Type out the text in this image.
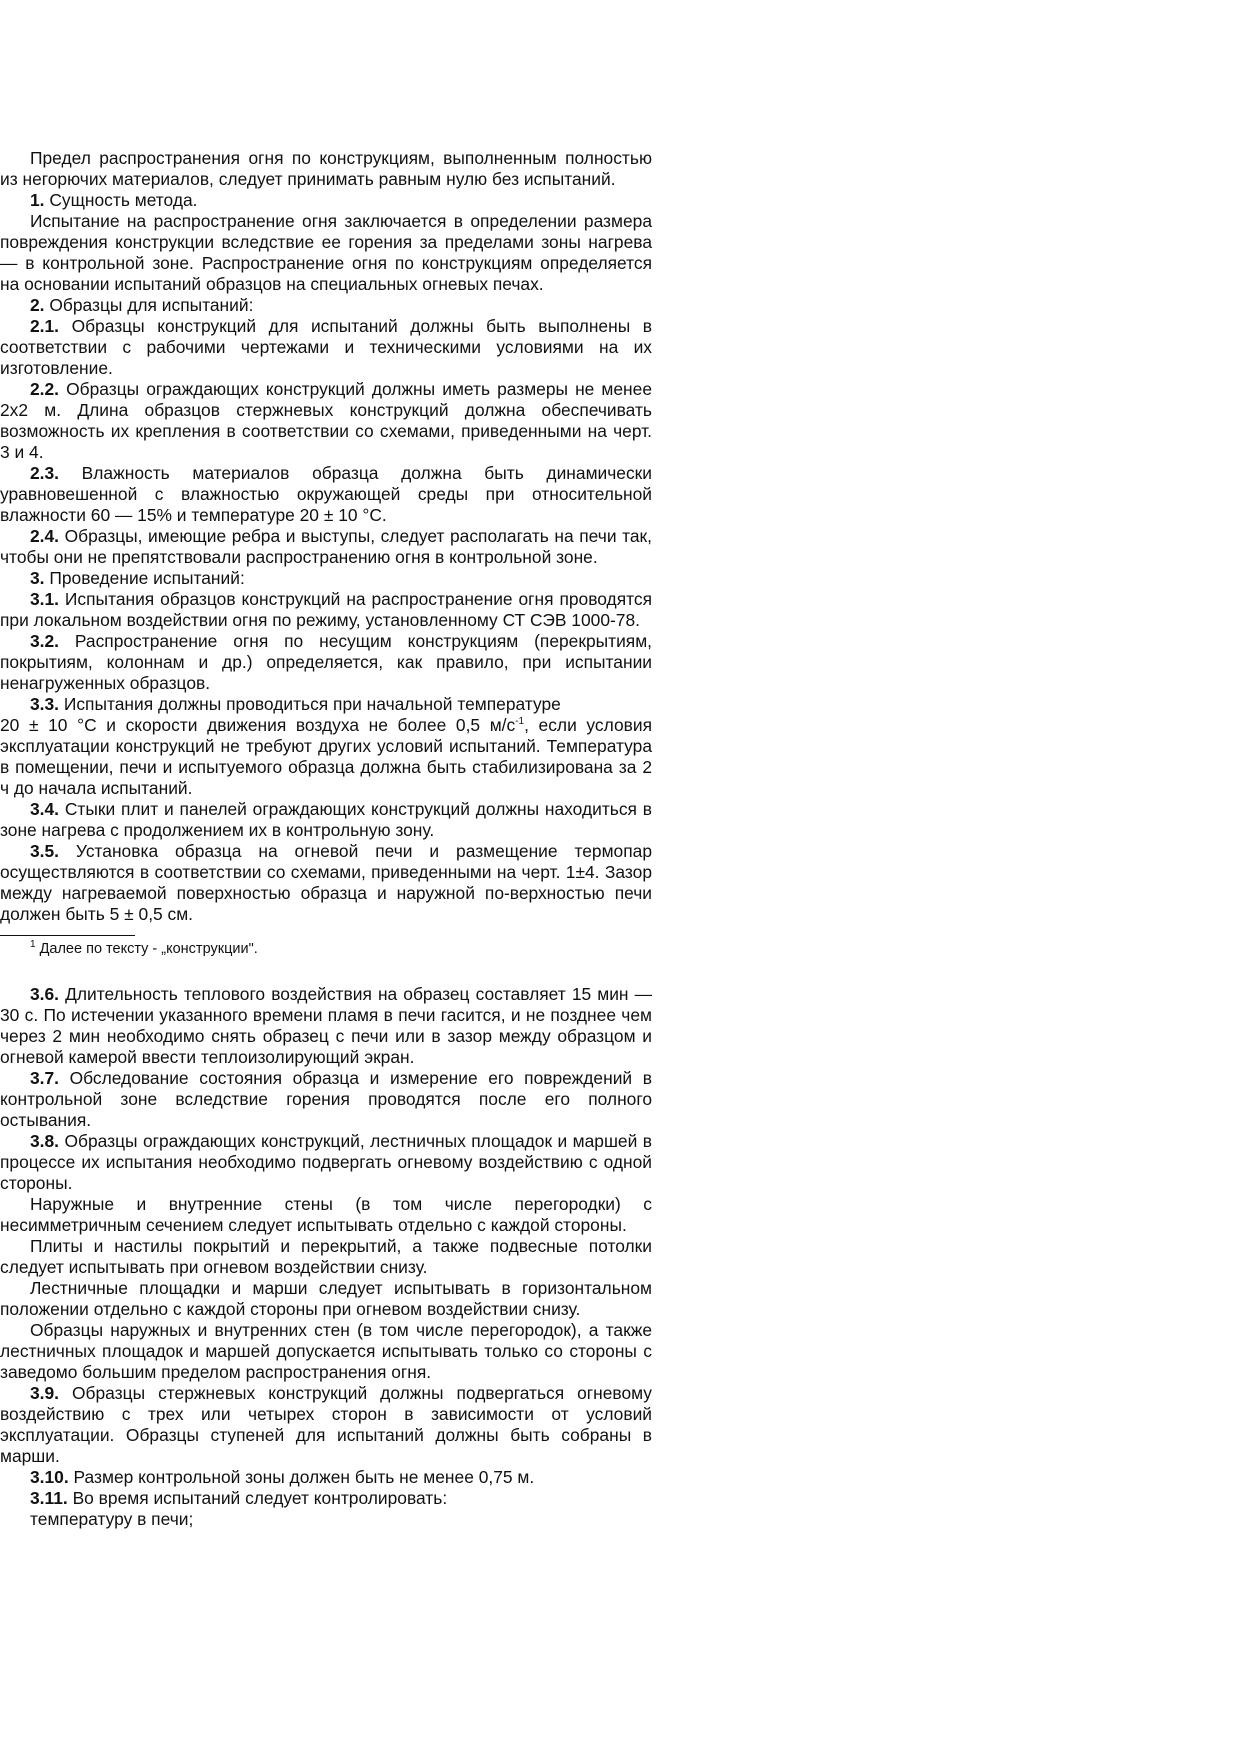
Предел распространения огня по конструкциям, выполненным полностью из негорючих материалов, следует принимать равным нулю без испытаний.

1. Сущность метода.

Испытание на распространение огня заключается в определении размера повреждения конструкции вследствие ее горения за пределами зоны нагрева — в контрольной зоне. Распространение огня по конструкциям определяется на основании испытаний образцов на специальных огневых печах.

2. Образцы для испытаний:

2.1. Образцы конструкций для испытаний должны быть выполнены в соответствии с рабочими чертежами и техническими условиями на их изготовление.

2.2. Образцы ограждающих конструкций должны иметь размеры не менее 2x2 м. Длина образцов стержневых конструкций должна обеспечивать возможность их крепления в соответствии со схемами, приведенными на черт. 3 и 4.

2.3. Влажность материалов образца должна быть динамически уравновешенной с влажностью окружающей среды при относительной влажности 60 — 15% и температуре 20 ± 10 °С.

2.4. Образцы, имеющие ребра и выступы, следует располагать на печи так, чтобы они не препятствовали распространению огня в контрольной зоне.

3. Проведение испытаний:

3.1. Испытания образцов конструкций на распространение огня проводятся при локальном воздействии огня по режиму, установленному СТ СЭВ 1000-78.

3.2. Распространение огня по несущим конструкциям (перекрытиям, покрытиям, колоннам и др.) определяется, как правило, при испытании ненагруженных образцов.

3.3. Испытания должны проводиться при начальной температуре
20 ± 10 °С и скорости движения воздуха не более 0,5 $м/с^{-1}$, если условия эксплуатации конструкций не требуют других условий испытаний. Температура в помещении, печи и испытуемого образца должна быть стабилизирована за 2 ч до начала испытаний.

3.4. Стыки плит и панелей ограждающих конструкций должны находиться в зоне нагрева с продолжением их в контрольную зону.

3.5. Установка образца на огневой печи и размещение термопар осуществляются в соответствии со схемами, приведенными на черт. 1±4. Зазор между нагреваемой поверхностью образца и наружной по-верхностью печи должен быть 5 ± 0,5 см.

$^1$ Далее по тексту - „конструкции".

3.6. Длительность теплового воздействия на образец составляет 15 мин — 30 с. По истечении указанного времени пламя в печи гасится, и не позднее чем через 2 мин необходимо снять образец с печи или в зазор между образцом и огневой камерой ввести теплоизолирующий экран.

3.7. Обследование состояния образца и измерение его повреждений в контрольной зоне вследствие горения проводятся после его полного остывания.

3.8. Образцы ограждающих конструкций, лестничных площадок и маршей в процессе их испытания необходимо подвергать огневому воздействию с одной стороны.

Наружные и внутренние стены (в том числе перегородки) с несимметричным сечением следует испытывать отдельно с каждой стороны.

Плиты и настилы покрытий и перекрытий, а также подвесные потолки следует испытывать при огневом воздействии снизу.

Лестничные площадки и марши следует испытывать в горизонтальном положении отдельно с каждой стороны при огневом воздействии снизу.

Образцы наружных и внутренних стен (в том числе перегородок), а также лестничных площадок и маршей допускается испытывать только со стороны с заведомо большим пределом распространения огня.

3.9. Образцы стержневых конструкций должны подвергаться огневому воздействию с трех или четырех сторон в зависимости от условий эксплуатации. Образцы ступеней для испытаний должны быть собраны в марши.

3.10. Размер контрольной зоны должен быть не менее 0,75 м.

3.11. Во время испытаний следует контролировать:

температуру в печи;
